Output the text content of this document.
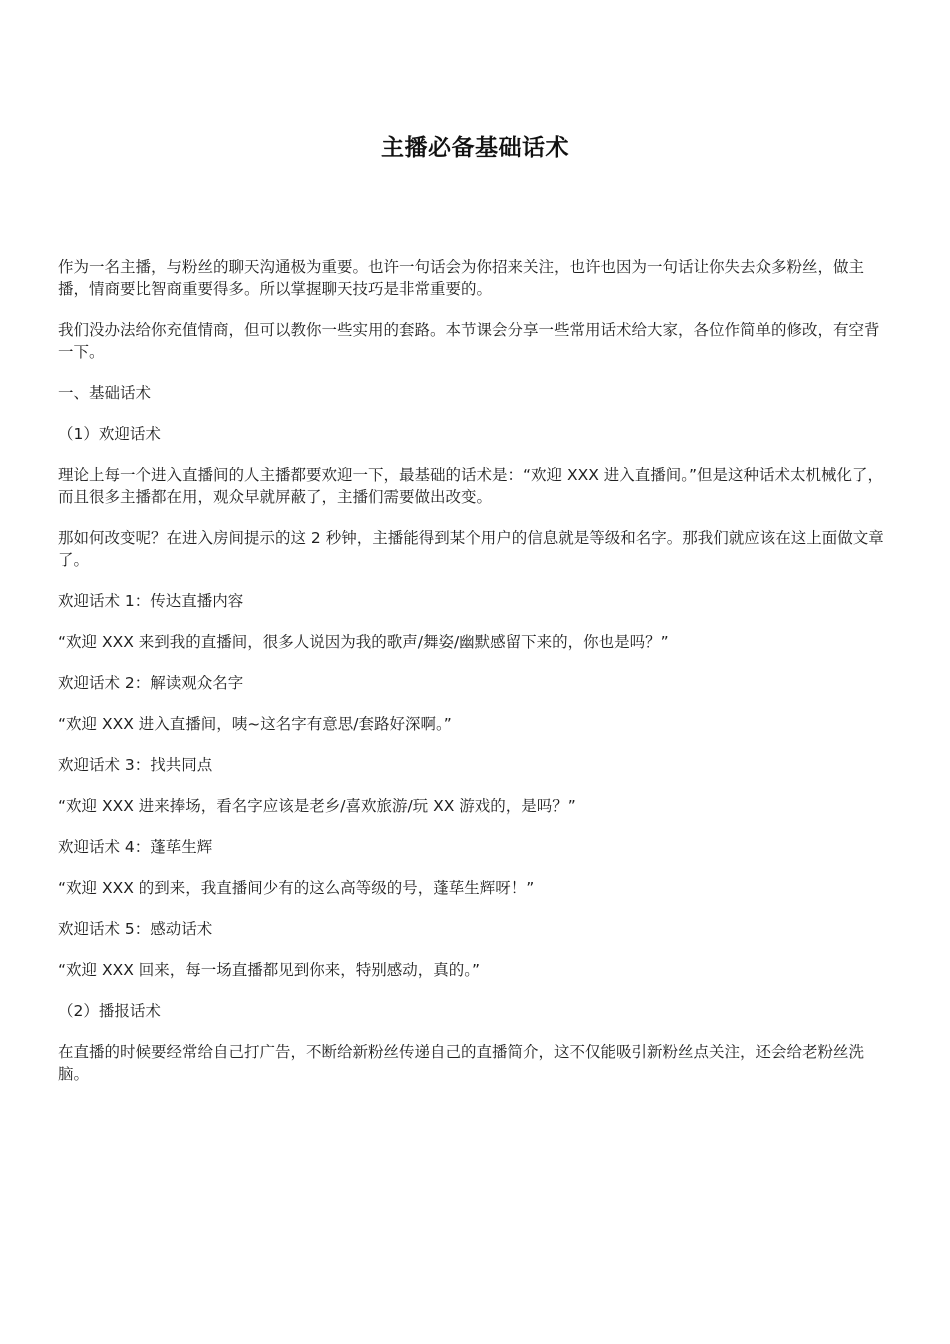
主播必备基础话术

作为一名主播，与粉丝的聊天沟通极为重要。也许一句话会为你招来关注，也许也因为一句话让你失去众多粉丝，做主播，情商要比智商重要得多。所以掌握聊天技巧是非常重要的。

我们没办法给你充值情商，但可以教你一些实用的套路。本节课会分享一些常用话术给大家，各位作简单的修改，有空背一下。

一、基础话术

（1）欢迎话术

理论上每一个进入直播间的人主播都要欢迎一下，最基础的话术是：“欢迎 XXX 进入直播间。”但是这种话术太机械化了，而且很多主播都在用，观众早就屏蔽了，主播们需要做出改变。

那如何改变呢？在进入房间提示的这 2 秒钟，主播能得到某个用户的信息就是等级和名字。那我们就应该在这上面做文章了。

欢迎话术 1：传达直播内容

“欢迎 XXX 来到我的直播间，很多人说因为我的歌声/舞姿/幽默感留下来的，你也是吗？”

欢迎话术 2：解读观众名字

“欢迎 XXX 进入直播间，咦~这名字有意思/套路好深啊。”

欢迎话术 3：找共同点

“欢迎 XXX 进来捧场，看名字应该是老乡/喜欢旅游/玩 XX 游戏的，是吗？”

欢迎话术 4：蓬荜生辉

“欢迎 XXX 的到来，我直播间少有的这么高等级的号，蓬荜生辉呀！”

欢迎话术 5：感动话术

“欢迎 XXX 回来，每一场直播都见到你来，特别感动，真的。”

（2）播报话术

在直播的时候要经常给自己打广告，不断给新粉丝传递自己的直播简介，这不仅能吸引新粉丝点关注，还会给老粉丝洗脑。
